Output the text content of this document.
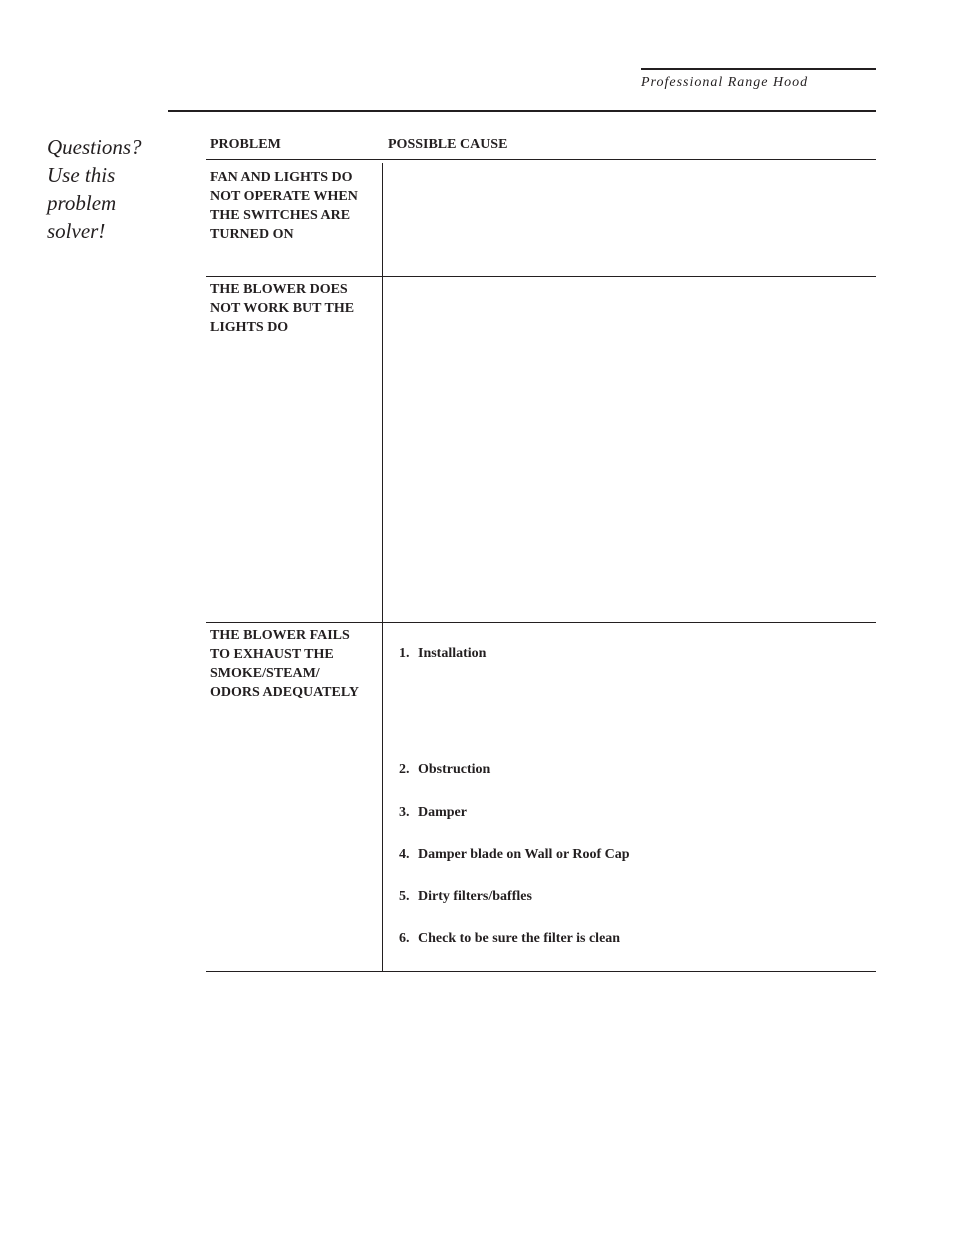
Professional Range Hood
Questions?
Use this
problem
solver!
PROBLEM	POSSIBLE CAUSE
FAN AND LIGHTS DO
NOT OPERATE WHEN
THE SWITCHES ARE
TURNED ON
THE BLOWER DOES
NOT WORK BUT THE
LIGHTS DO
THE BLOWER FAILS
TO EXHAUST THE
SMOKE/STEAM/
ODORS ADEQUATELY
1. Installation
2. Obstruction
3. Damper
4. Damper blade on Wall or Roof Cap
5. Dirty filters/baffles
6. Check to be sure the filter is clean
